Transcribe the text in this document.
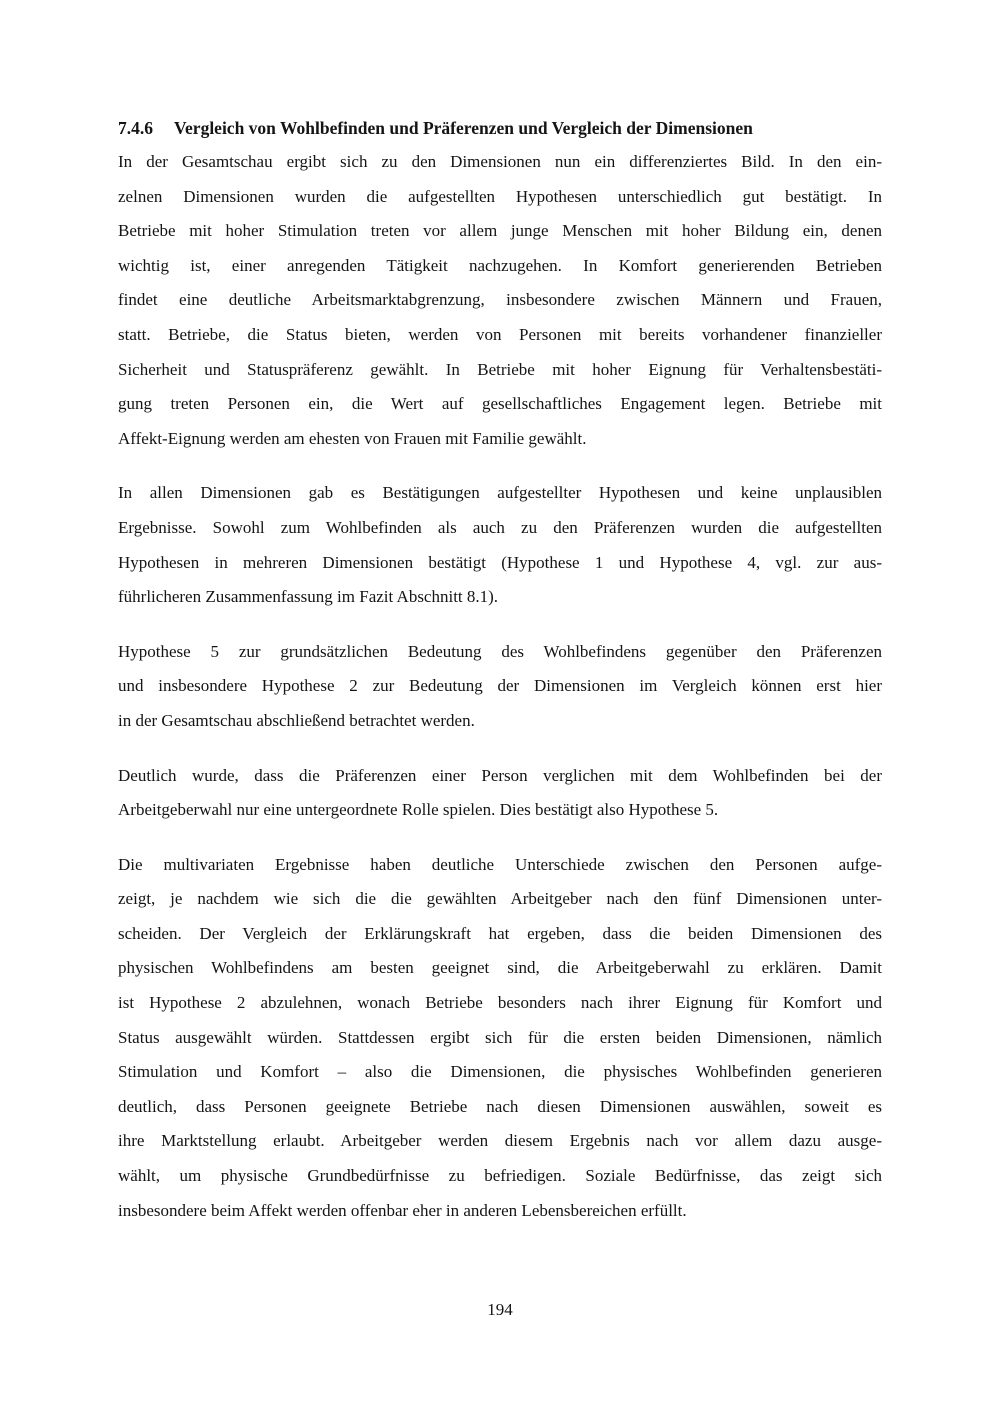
7.4.6 Vergleich von Wohlbefinden und Präferenzen und Vergleich der Dimensionen
In der Gesamtschau ergibt sich zu den Dimensionen nun ein differenziertes Bild. In den ein-
zelnen Dimensionen wurden die aufgestellten Hypothesen unterschiedlich gut bestätigt. In
Betriebe mit hoher Stimulation treten vor allem junge Menschen mit hoher Bildung ein, denen
wichtig ist, einer anregenden Tätigkeit nachzugehen. In Komfort generierenden Betrieben
findet eine deutliche Arbeitsmarktabgrenzung, insbesondere zwischen Männern und Frauen,
statt. Betriebe, die Status bieten, werden von Personen mit bereits vorhandener finanzieller
Sicherheit und Statuspräferenz gewählt. In Betriebe mit hoher Eignung für Verhaltensbestäti-
gung treten Personen ein, die Wert auf gesellschaftliches Engagement legen. Betriebe mit
Affekt-Eignung werden am ehesten von Frauen mit Familie gewählt.
In allen Dimensionen gab es Bestätigungen aufgestellter Hypothesen und keine unplausiblen
Ergebnisse. Sowohl zum Wohlbefinden als auch zu den Präferenzen wurden die aufgestellten
Hypothesen in mehreren Dimensionen bestätigt (Hypothese 1 und Hypothese 4, vgl. zur aus-
führlicheren Zusammenfassung im Fazit Abschnitt 8.1).
Hypothese 5 zur grundsätzlichen Bedeutung des Wohlbefindens gegenüber den Präferenzen
und insbesondere Hypothese 2 zur Bedeutung der Dimensionen im Vergleich können erst hier
in der Gesamtschau abschließend betrachtet werden.
Deutlich wurde, dass die Präferenzen einer Person verglichen mit dem Wohlbefinden bei der
Arbeitgeberwahl nur eine untergeordnete Rolle spielen. Dies bestätigt also Hypothese 5.
Die multivariaten Ergebnisse haben deutliche Unterschiede zwischen den Personen aufge-
zeigt, je nachdem wie sich die die gewählten Arbeitgeber nach den fünf Dimensionen unter-
scheiden. Der Vergleich der Erklärungskraft hat ergeben, dass die beiden Dimensionen des
physischen Wohlbefindens am besten geeignet sind, die Arbeitgeberwahl zu erklären. Damit
ist Hypothese 2 abzulehnen, wonach Betriebe besonders nach ihrer Eignung für Komfort und
Status ausgewählt würden. Stattdessen ergibt sich für die ersten beiden Dimensionen, nämlich
Stimulation und Komfort – also die Dimensionen, die physisches Wohlbefinden generieren
deutlich, dass Personen geeignete Betriebe nach diesen Dimensionen auswählen, soweit es
ihre Marktstellung erlaubt. Arbeitgeber werden diesem Ergebnis nach vor allem dazu ausge-
wählt, um physische Grundbedürfnisse zu befriedigen. Soziale Bedürfnisse, das zeigt sich
insbesondere beim Affekt werden offenbar eher in anderen Lebensbereichen erfüllt.
194
